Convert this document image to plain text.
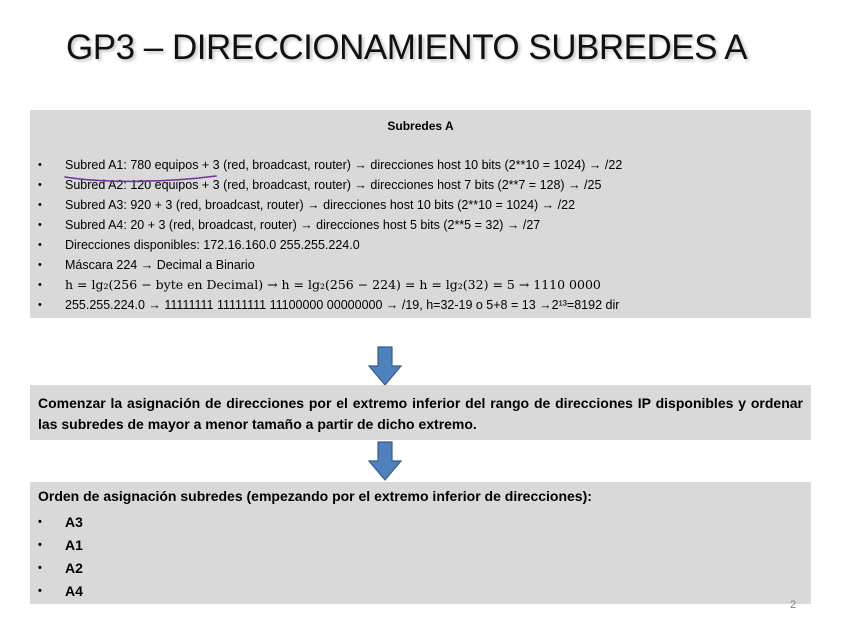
GP3 – DIRECCIONAMIENTO SUBREDES A
Subredes A
• Subred A1: 780 equipos + 3 (red, broadcast, router) → direcciones host 10 bits (2**10 = 1024) → /22
• Subred A2: 120 equipos + 3 (red, broadcast, router) → direcciones host 7 bits (2**7 = 128) → /25
• Subred A3: 920 + 3 (red, broadcast, router) → direcciones host 10 bits (2**10 = 1024) → /22
• Subred A4: 20 + 3 (red, broadcast, router) → direcciones host 5 bits (2**5 = 32) → /27
• Direcciones disponibles: 172.16.160.0 255.255.224.0
• Máscara 224 → Decimal a Binario
• h = lg₂(256 − byte en Decimal) → h = lg₂(256 − 224) = h = lg₂(32) = 5 → 1110 0000
• 255.255.224.0 → 11111111 11111111 11100000 00000000 → /19, h=32-19 o 5+8 = 13 →2¹³=8192 dir

Comenzar la asignación de direcciones por el extremo inferior del rango de direcciones IP disponibles y ordenar las subredes de mayor a menor tamaño a partir de dicho extremo.

Orden de asignación subredes (empezando por el extremo inferior de direcciones):
• A3
• A1
• A2
• A4
2
